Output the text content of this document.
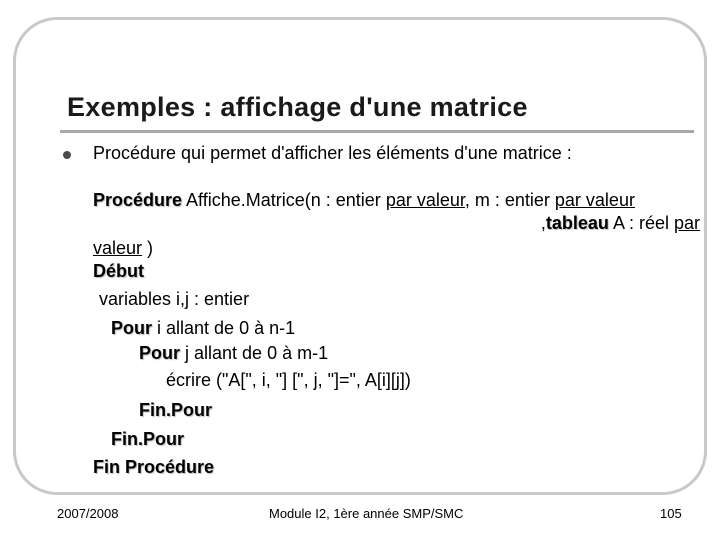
Exemples : affichage d'une matrice
Procédure qui permet d'afficher les éléments d'une matrice :
Procédure Affiche.Matrice(n : entier par valeur, m : entier par valeur
,tableau A : réel par
valeur )
Début
variables i,j : entier
Pour i allant de 0 à n-1
Pour j allant de 0 à m-1
écrire ("A[", i, "] [", j, "]=", A[i][j])
Fin.Pour
Fin.Pour
Fin Procédure
2007/2008	Module I2, 1ère année SMP/SMC	105
